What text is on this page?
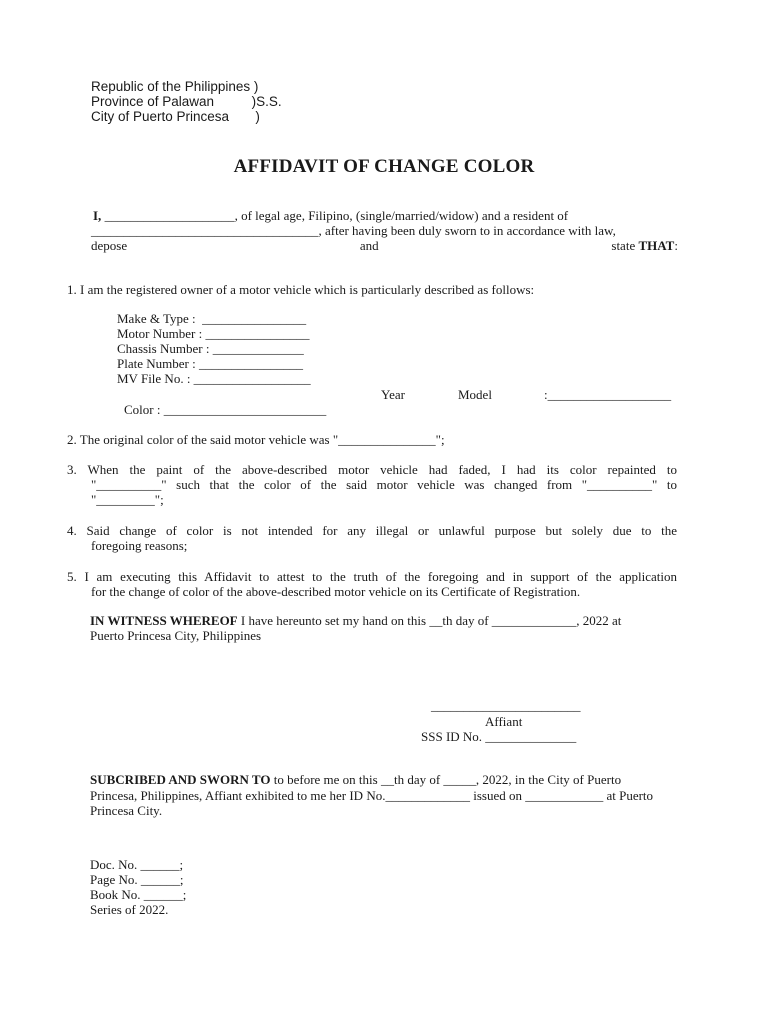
Republic of the Philippines )
Province of Palawan          )S.S.
City of Puerto Princesa       )
AFFIDAVIT OF CHANGE COLOR
I, ____________________, of legal age, Filipino, (single/married/widow) and a resident of
___________________________________, after having been duly sworn to in accordance with law,
depose	and	state THAT:
1. I am the registered owner of a motor vehicle which is particularly described as follows:
Make & Type :  ________________
Motor Number : ________________
Chassis Number : ______________
Plate Number : ________________
MV File No. : __________________
Year	Model	:___________________
Color : _________________________
2. The original color of the said motor vehicle was "_______________";
3. When the paint of the above-described motor vehicle had faded, I had its color repainted to
"__________" such that the color of the said motor vehicle was changed from "__________" to
"_________";
4. Said change of color is not intended for any illegal or unlawful purpose but solely due to the
foregoing reasons;
5. I am executing this Affidavit to attest to the truth of the foregoing and in support of the application
for the change of color of the above-described motor vehicle on its Certificate of Registration.
IN WITNESS WHEREOF I have hereunto set my hand on this __th day of _____________, 2022 at
Puerto Princesa City, Philippines
_______________________
Affiant
SSS ID No. ______________
SUBCRIBED AND SWORN TO to before me on this __th day of _____, 2022, in the City of Puerto
Princesa, Philippines, Affiant exhibited to me her ID No._____________ issued on ____________ at Puerto
Princesa City.
Doc. No. ______;
Page No. ______;
Book No. ______;
Series of 2022.
